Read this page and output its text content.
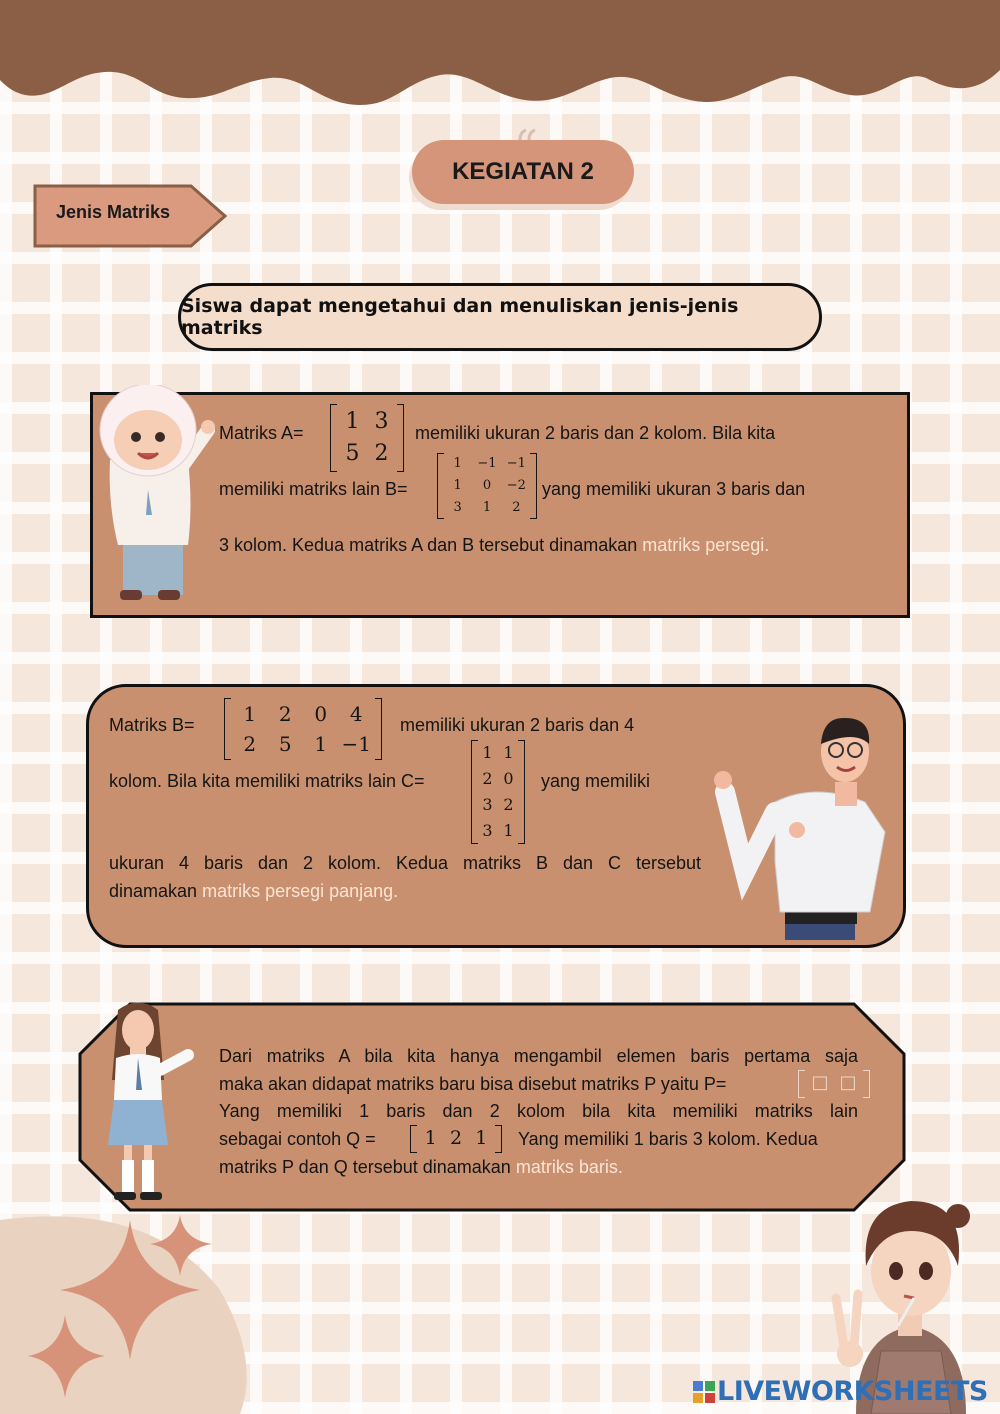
KEGIATAN 2
Jenis Matriks
Siswa dapat mengetahui dan menuliskan jenis-jenis matriks
Matriks A=	1 3
5 2
memiliki ukuran 2 baris dan 2 kolom. Bila kita
memiliki matriks lain B=
1	−1 −1
1	0	−2
3	1	2
yang memiliki ukuran 3 baris dan
3 kolom. Kedua matriks A dan B tersebut dinamakan matriks persegi.
Matriks B=	1	2	0	4
2	5	1 −1
memiliki ukuran 2 baris dan 4
kolom. Bila kita memiliki matriks lain C=
1 1
2 0
3 2
3 1
yang memiliki
ukuran 4 baris dan 2 kolom. Kedua matriks B dan C tersebut
dinamakan matriks persegi panjang.
Dari matriks A bila kita hanya mengambil elemen baris pertama saja
maka akan didapat matriks baru bisa disebut matriks P yaitu P=	□ □
Yang memiliki 1 baris dan 2 kolom bila kita memiliki matriks lain
sebagai contoh Q =	1 2 1	Yang memiliki 1 baris 3 kolom. Kedua
matriks P dan Q tersebut dinamakan matriks baris.
LIVEWORKSHEETS
